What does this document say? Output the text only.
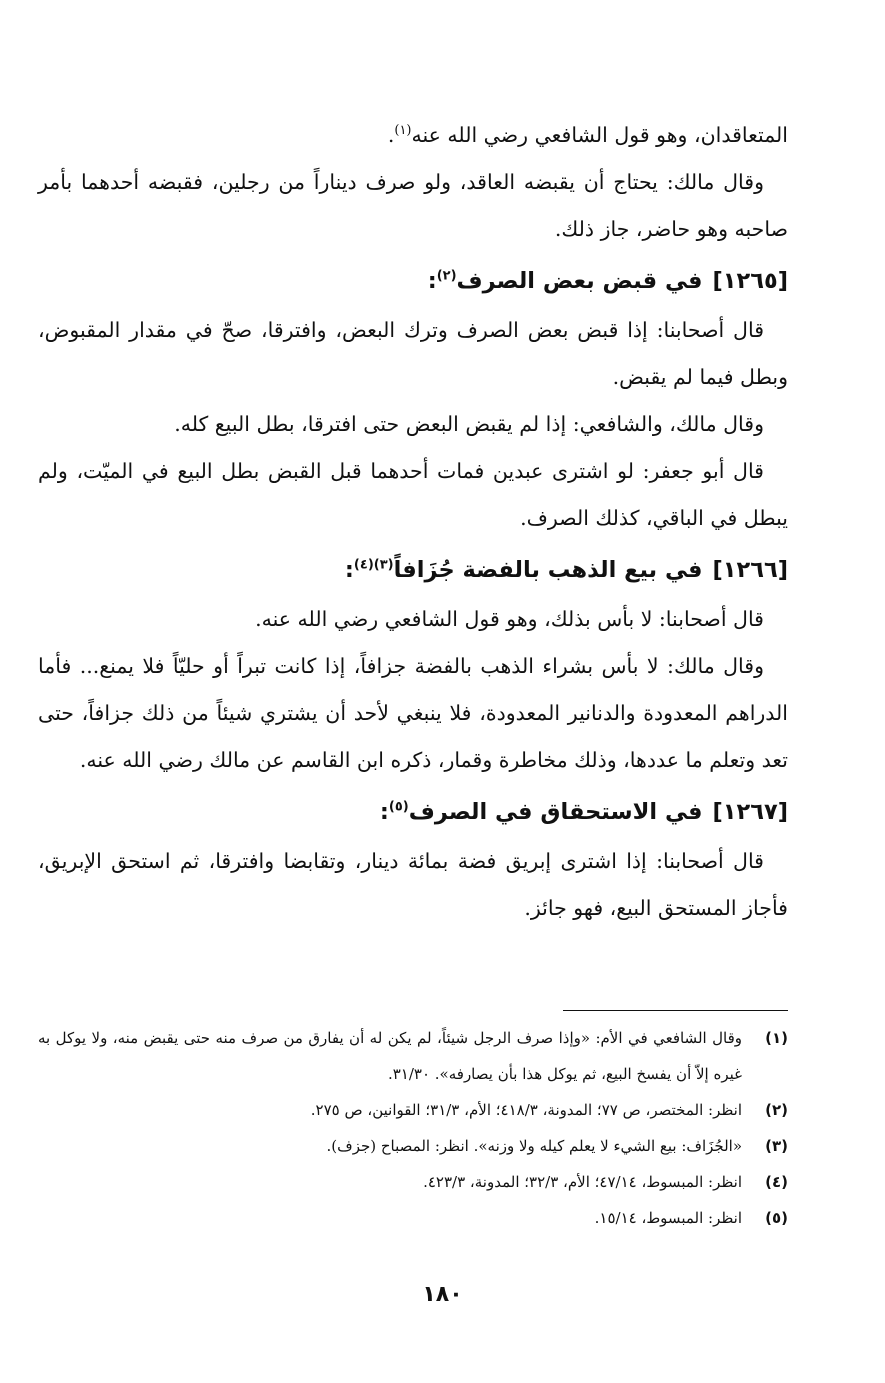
المتعاقدان، وهو قول الشافعي رضي الله عنه$^{(١)}$.

وقال مالك: يحتاج أن يقبضه العاقد، ولو صرف ديناراً من رجلين، فقبضه أحدهما بأمر صاحبه وهو حاضر، جاز ذلك.

[١٢٦٥]في قبض بعض الصرف$^{(٢)}$:

قال أصحابنا: إذا قبض بعض الصرف وترك البعض، وافترقا، صحّ في مقدار المقبوض، وبطل فيما لم يقبض.

وقال مالك، والشافعي: إذا لم يقبض البعض حتى افترقا، بطل البيع كله.

قال أبو جعفر: لو اشترى عبدين فمات أحدهما قبل القبض بطل البيع في الميّت، ولم يبطل في الباقي، كذلك الصرف.

[١٢٦٦]في بيع الذهب بالفضة جُزَافاً$^{(٣)(٤)}$:

قال أصحابنا: لا بأس بذلك، وهو قول الشافعي رضي الله عنه.

وقال مالك: لا بأس بشراء الذهب بالفضة جزافاً، إذا كانت تبراً أو حليّاً فلا يمنع... فأما الدراهم المعدودة والدنانير المعدودة، فلا ينبغي لأحد أن يشتري شيئاً من ذلك جزافاً، حتى تعد وتعلم ما عددها، وذلك مخاطرة وقمار، ذكره ابن القاسم عن مالك رضي الله عنه.

[١٢٦٧]في الاستحقاق في الصرف$^{(٥)}$:

قال أصحابنا: إذا اشترى إبريق فضة بمائة دينار، وتقابضا وافترقا، ثم استحق الإبريق، فأجاز المستحق البيع، فهو جائز.

(١)
وقال الشافعي في الأم: «وإذا صرف الرجل شيئاً، لم يكن له أن يفارق من صرف منه حتى يقبض منه، ولا يوكل به غيره إلاّ أن يفسخ البيع، ثم يوكل هذا بأن يصارفه». ٣١/٣٠.
(٢)
انظر: المختصر، ص ٧٧؛ المدونة، ٤١٨/٣؛ الأم، ٣١/٣؛ القوانين، ص ٢٧٥.
(٣)
«الجُزَاف: بيع الشيء لا يعلم كيله ولا وزنه». انظر: المصباح (جزف).
(٤)
انظر: المبسوط، ٤٧/١٤؛ الأم، ٣٢/٣؛ المدونة، ٤٢٣/٣.
(٥)
انظر: المبسوط، ١٥/١٤.
١٨٠
